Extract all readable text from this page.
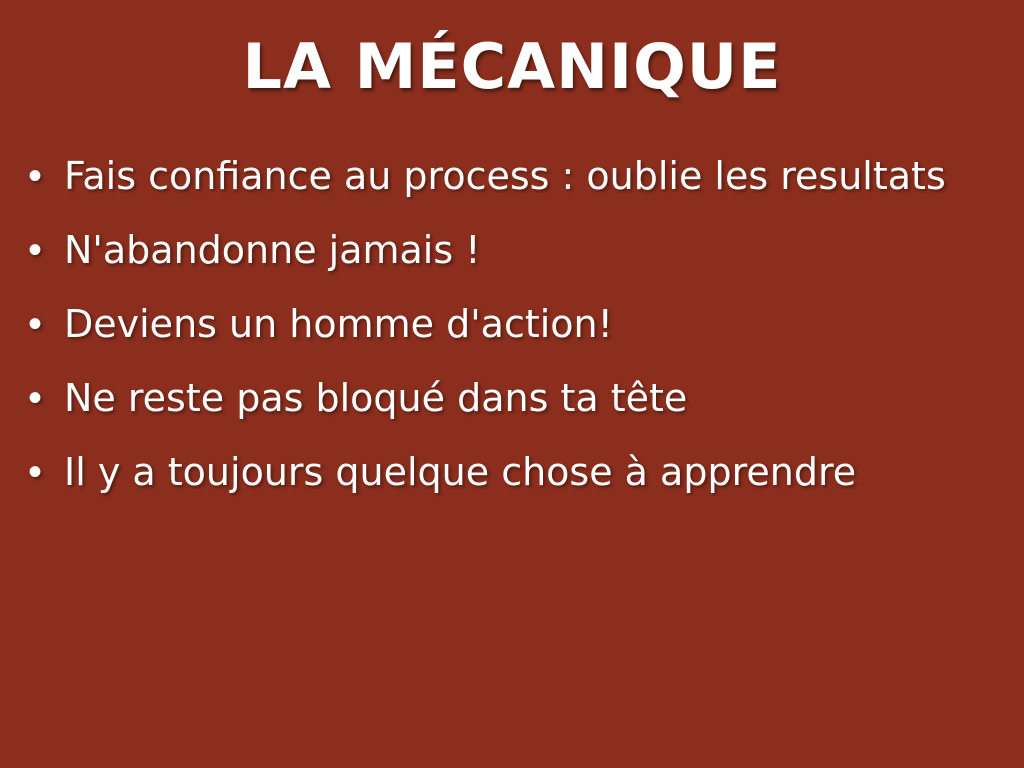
LA MÉCANIQUE
• Fais confiance au process : oublie les resultats
• N'abandonne jamais !
• Deviens un homme d'action!
• Ne reste pas bloqué dans ta tête
• Il y a toujours quelque chose à apprendre
